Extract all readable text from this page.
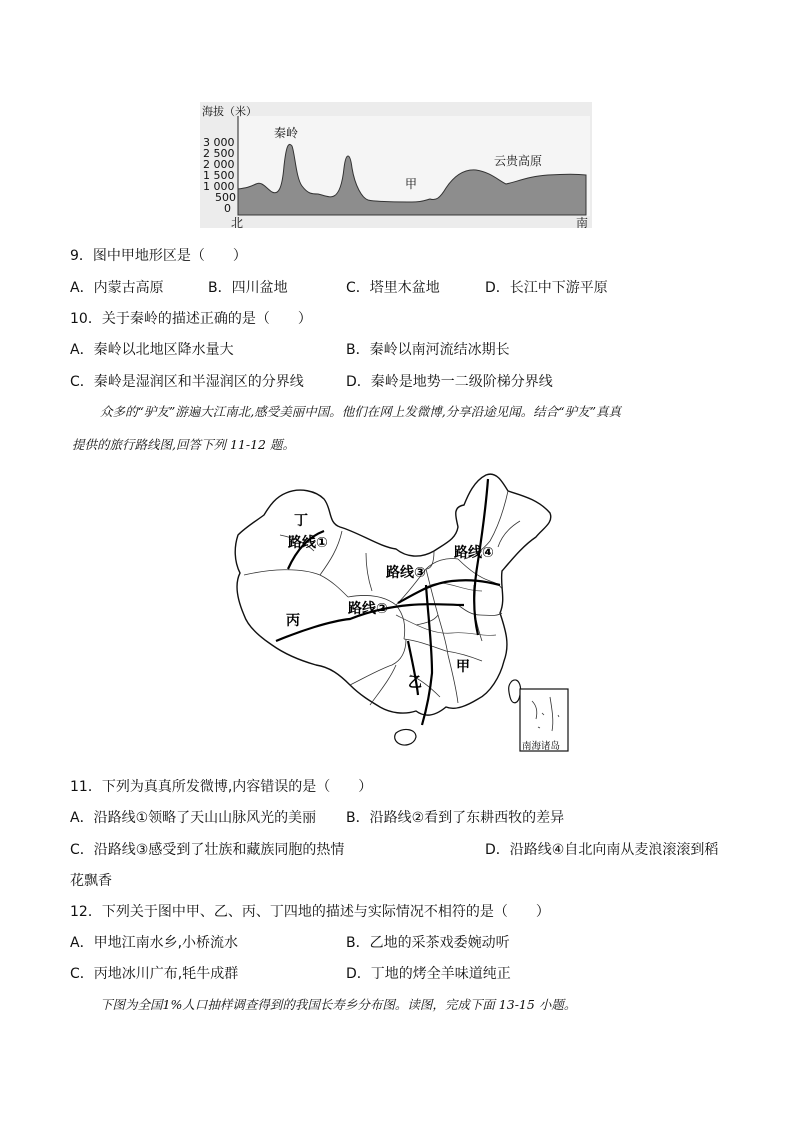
海拔（米）
3 000
2 500
2 000
1 500
1 000
500
0
秦岭
甲
云贵高原
北	南
9．图中甲地形区是（　　）
A．内蒙古高原	B．四川盆地	C．塔里木盆地	D．长江中下游平原
10．关于秦岭的描述正确的是（　　）
A．秦岭以北地区降水量大	B．秦岭以南河流结冰期长
C．秦岭是湿润区和半湿润区的分界线	D．秦岭是地势一二级阶梯分界线
众多的“驴友”游遍大江南北,感受美丽中国。他们在网上发微博,分享沿途见闻。结合“驴友”真真
提供的旅行路线图,回答下列 11-12 题。
路线①
路线②
路线③
路线④
丁
丙
乙
甲
南海诸岛
11．下列为真真所发微博,内容错误的是（　　）
A．沿路线①领略了天山山脉风光的美丽 B．沿路线②看到了东耕西牧的差异
C．沿路线③感受到了壮族和藏族同胞的热情	D．沿路线④自北向南从麦浪滚滚到稻
花飘香
12．下列关于图中甲、乙、丙、丁四地的描述与实际情况不相符的是（　　）
A．甲地江南水乡,小桥流水	B．乙地的采茶戏委婉动听
C．丙地冰川广布,牦牛成群	D．丁地的烤全羊味道纯正
下图为全国1%人口抽样调查得到的我国长寿乡分布图。读图，完成下面 13-15 小题。
